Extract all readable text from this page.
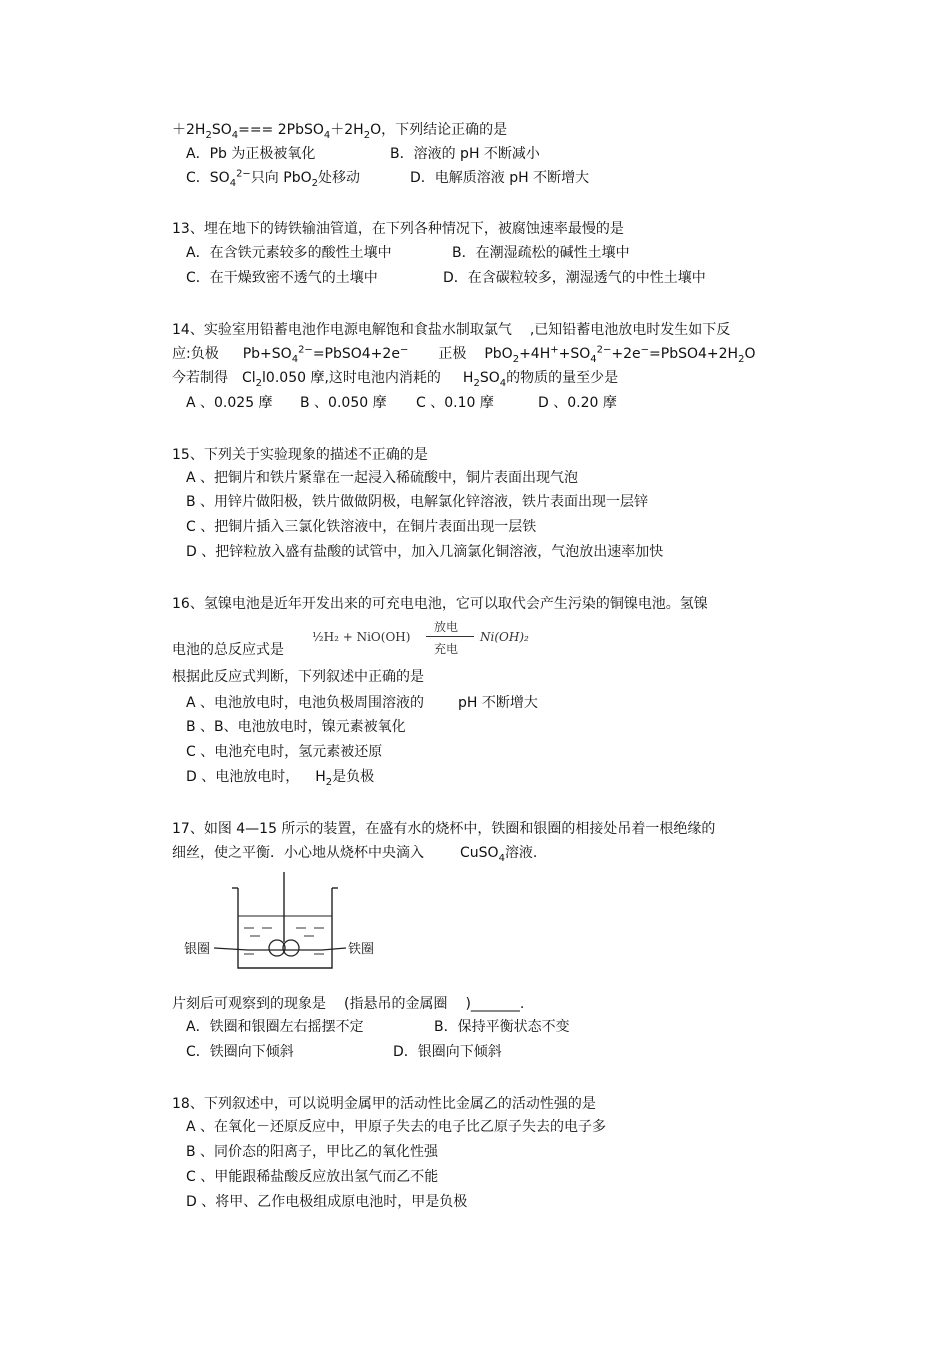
$+2H_2SO_4===$ $2PbSO_4+2H_2O$，下列结论正确的是
A．Pb 为正极被氧化	B．溶液的 pH 不断减小
C．$SO_4^{2-}$只向 PbO$_2$处移动	D．电解质溶液 pH 不断增大
13、埋在地下的铸铁输油管道，在下列各种情况下，被腐蚀速率最慢的是
A．在含铁元素较多的酸性土壤中	B．在潮湿疏松的碱性土壤中
C．在干燥致密不透气的土壤中	D．在含碳粒较多，潮湿透气的中性土壤中
14、实验室用铅蓄电池作电源电解饱和食盐水制取氯气 ,已知铅蓄电池放电时发生如下反
应:负极 $Pb+SO_4^{2-}=PbSO4+2e^-$ 正极 $PbO_2+4H^++SO_4^{2-}+2e^-=PbSO4+2H_2O$
今若制得 $Cl_2l0.050$ 摩,这时电池内消耗的 $H_2SO_4$的物质的量至少是
A 、0.025 摩 B 、0.050 摩 C 、0.10 摩	D 、0.20 摩
15、下列关于实验现象的描述不正确的是
A 、把铜片和铁片紧靠在一起浸入稀硫酸中，铜片表面出现气泡
B 、用锌片做阳极，铁片做做阴极，电解氯化锌溶液，铁片表面出现一层锌
C 、把铜片插入三氯化铁溶液中，在铜片表面出现一层铁
D 、把锌粒放入盛有盐酸的试管中，加入几滴氯化铜溶液，气泡放出速率加快
16、氢镍电池是近年开发出来的可充电电池，它可以取代会产生污染的铜镍电池。氢镍
电池的总反应式是
½H₂ + NiO(OH)
放电
充电
Ni(OH)₂
根据此反应式判断，下列叙述中正确的是
A 、电池放电时，电池负极周围溶液的 pH 不断增大
B 、B、电池放电时，镍元素被氧化
C 、电池充电时，氢元素被还原
D 、电池放电时， $H_2$是负极
17、如图 4—15 所示的装置，在盛有水的烧杯中，铁圈和银圈的相接处吊着一根绝缘的
细丝，使之平衡．小心地从烧杯中央滴入	CuSO$_4$溶液.
银圈	铁圈
片刻后可观察到的现象是 (指悬吊的金属圈 )_______.
A．铁圈和银圈左右摇摆不定	B．保持平衡状态不变
C．铁圈向下倾斜	D．银圈向下倾斜
18、下列叙述中，可以说明金属甲的活动性比金属乙的活动性强的是
A 、在氧化－还原反应中，甲原子失去的电子比乙原子失去的电子多
B 、同价态的阳离子，甲比乙的氧化性强
C 、甲能跟稀盐酸反应放出氢气而乙不能
D 、将甲、乙作电极组成原电池时，甲是负极
